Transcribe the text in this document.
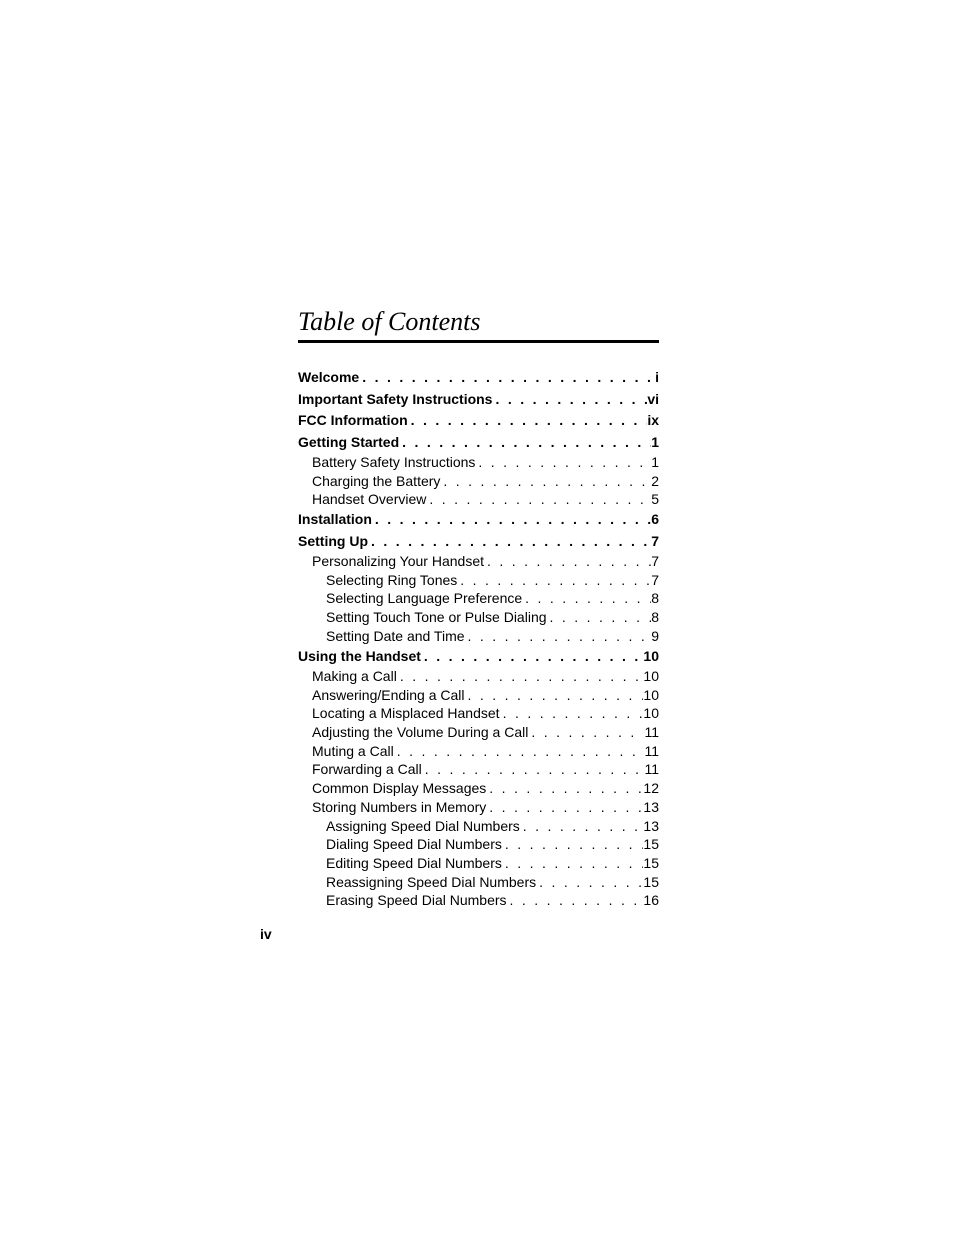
Table of Contents
Welcome . . .	i
Important Safety Instructions . . .	vi
FCC Information . . .	ix
Getting Started . . .	1
Battery Safety Instructions . . .	1
Charging the Battery . . .	2
Handset Overview . . .	5
Installation . . .	6
Setting Up . . .	7
Personalizing Your Handset . . .	7
Selecting Ring Tones . . .	7
Selecting Language Preference . . .	8
Setting Touch Tone or Pulse Dialing . . .	8
Setting Date and Time . . .	9
Using the Handset . . .	10
Making a Call . . .	10
Answering/Ending a Call . . .	10
Locating a Misplaced Handset . . .	10
Adjusting the Volume During a Call . . .	11
Muting a Call . . .	11
Forwarding a Call . . .	11
Common Display Messages . . .	12
Storing Numbers in Memory . . .	13
Assigning Speed Dial Numbers . . .	13
Dialing Speed Dial Numbers . . .	15
Editing Speed Dial Numbers . . .	15
Reassigning Speed Dial Numbers . . .	15
Erasing Speed Dial Numbers . . .	16
iv
